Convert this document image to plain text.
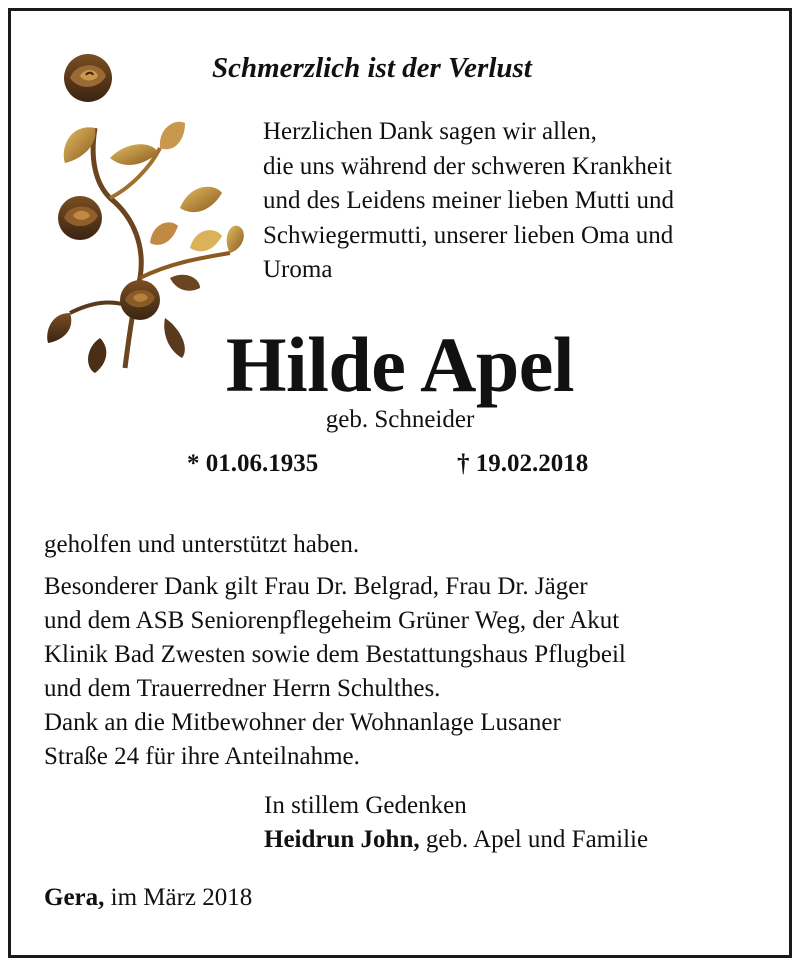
Schmerzlich ist der Verlust
Herzlichen Dank sagen wir allen,
die uns während der schweren Krankheit
und des Leidens meiner lieben Mutti und
Schwiegermutti, unserer lieben Oma und
Uroma
Hilde Apel
geb. Schneider
* 01.06.1935	† 19.02.2018
geholfen und unterstützt haben.
Besonderer Dank gilt Frau Dr. Belgrad, Frau Dr. Jäger
und dem ASB Seniorenpflegeheim Grüner Weg, der Akut
Klinik Bad Zwesten sowie dem Bestattungshaus Pflugbeil
und dem Trauerredner Herrn Schulthes.
Dank an die Mitbewohner der Wohnanlage Lusaner
Straße 24 für ihre Anteilnahme.
In stillem Gedenken
Heidrun John, geb. Apel und Familie
Gera, im März 2018
